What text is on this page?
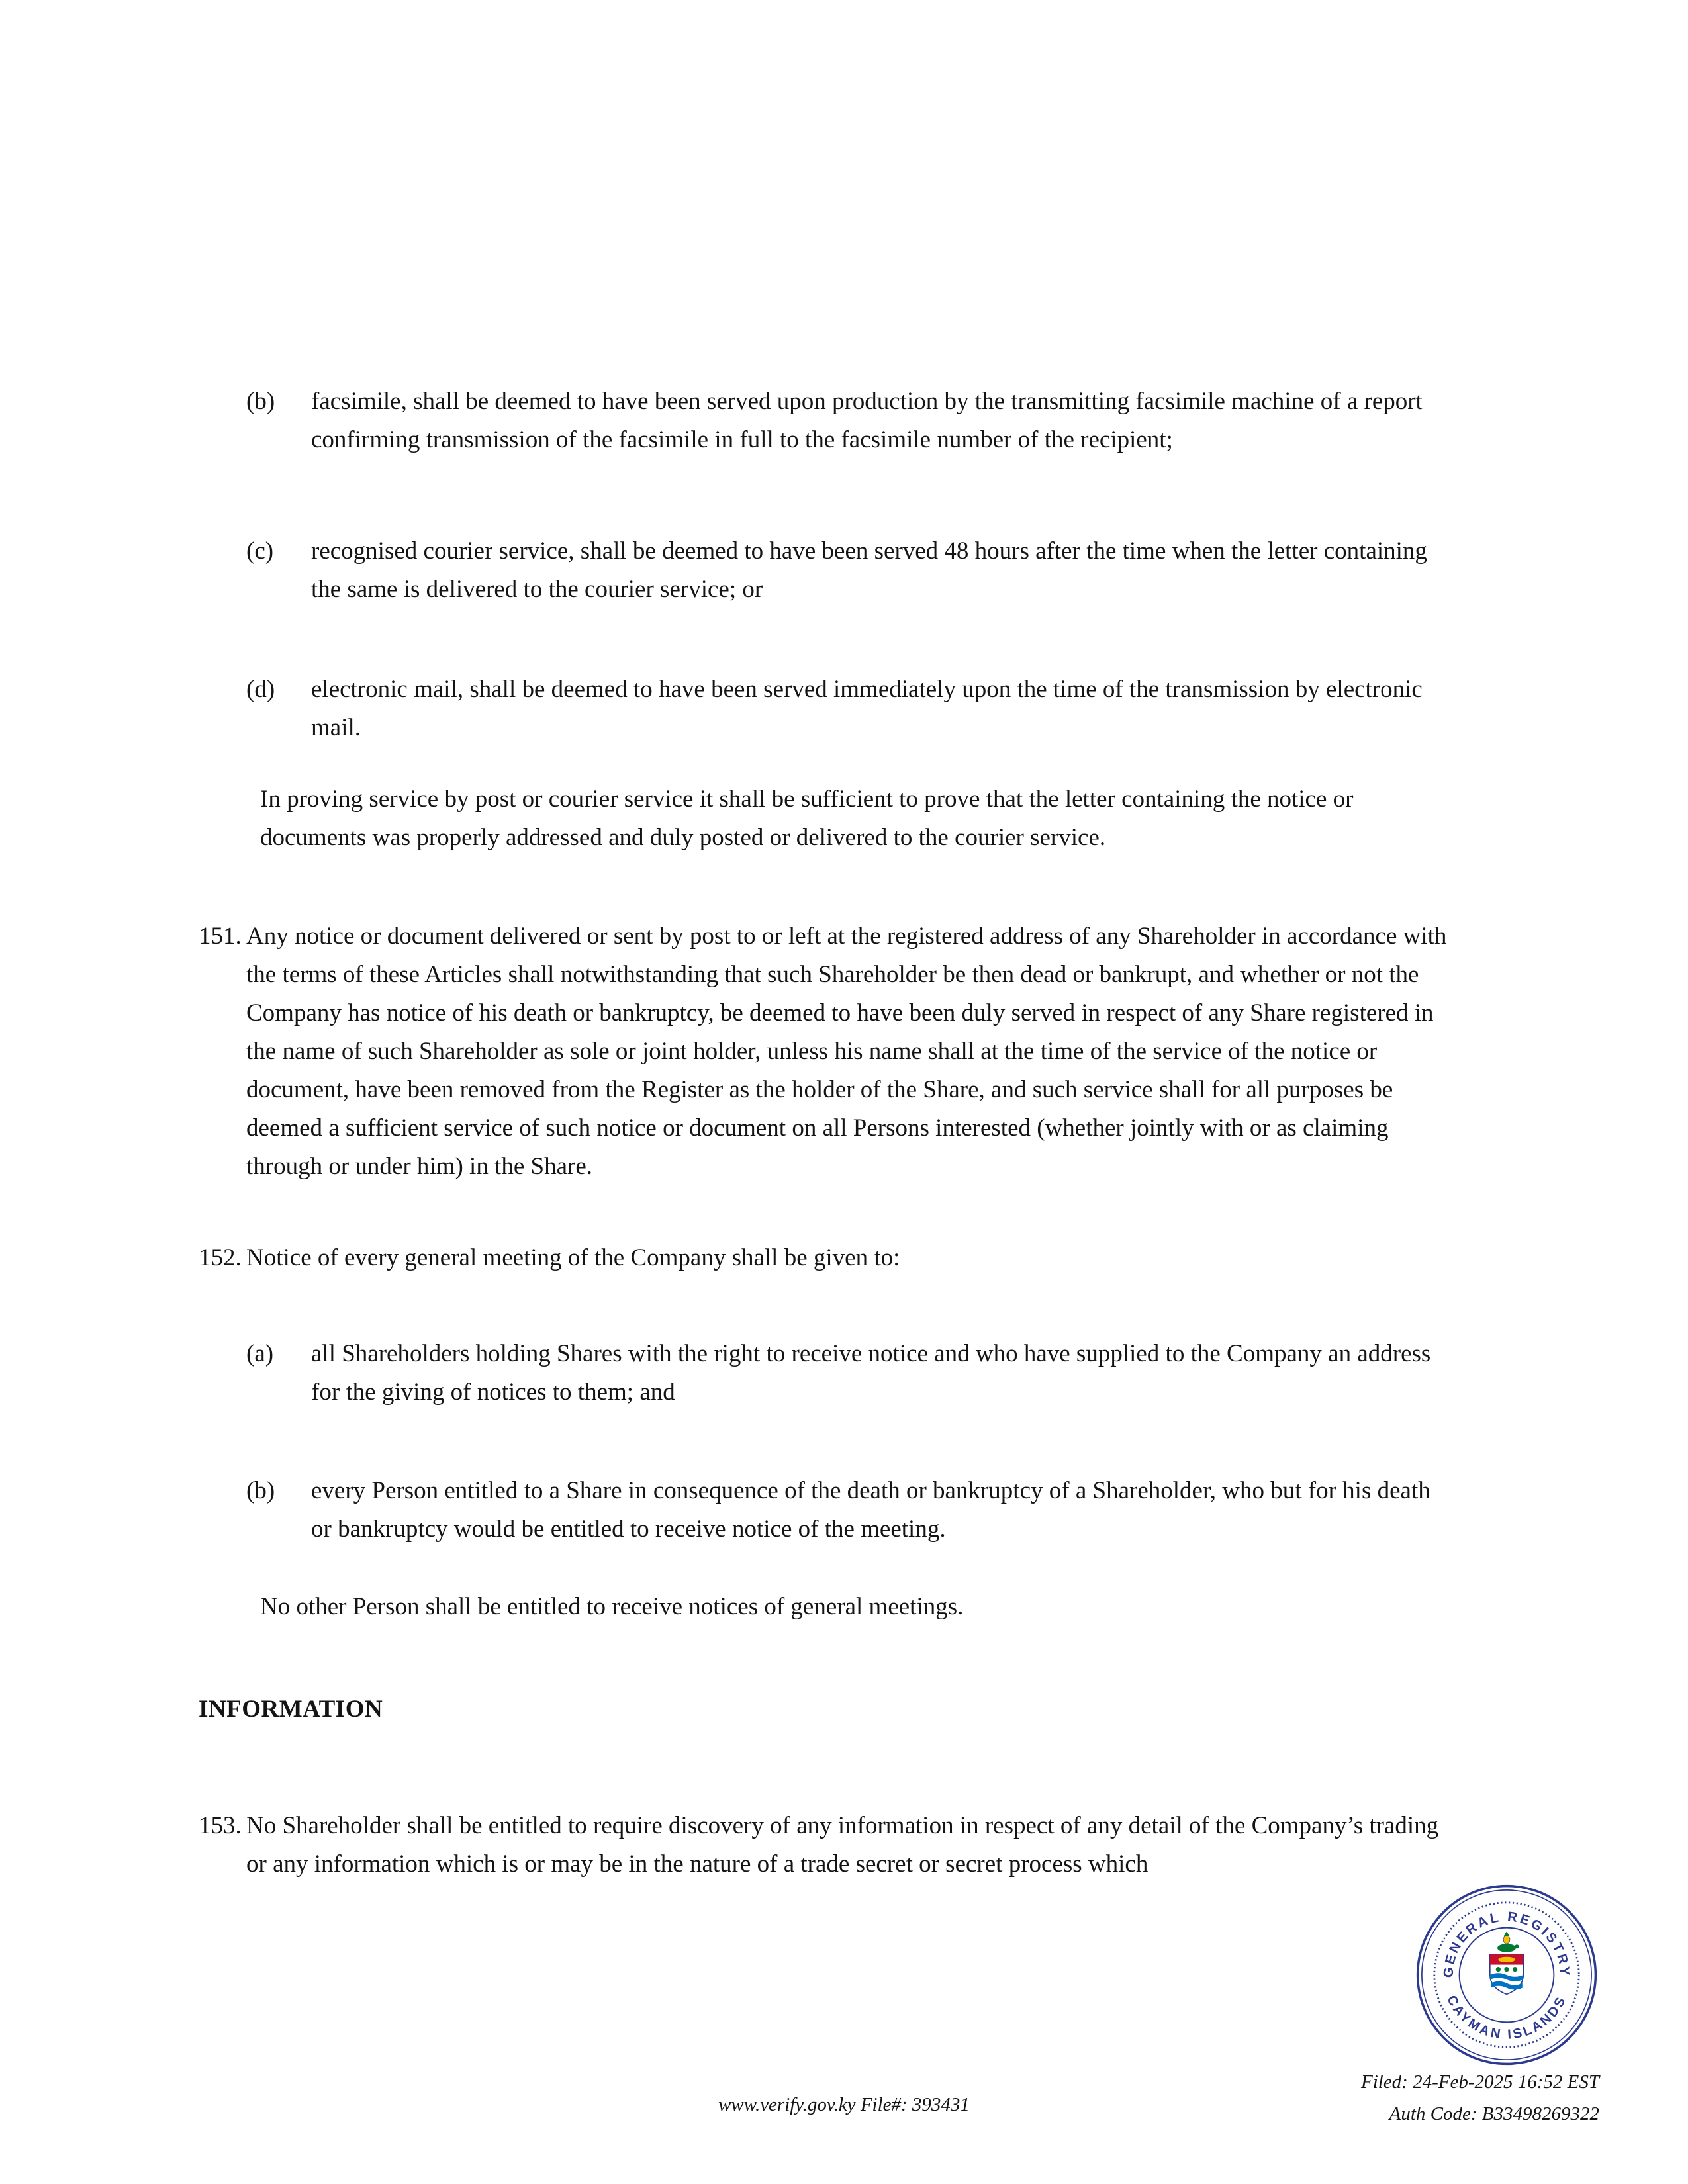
(b)	facsimile, shall be deemed to have been served upon production by the transmitting facsimile machine of a report confirming transmission of the facsimile in full to the facsimile number of the recipient;
(c)	recognised courier service, shall be deemed to have been served 48 hours after the time when the letter containing the same is delivered to the courier service; or
(d)	electronic mail, shall be deemed to have been served immediately upon the time of the transmission by electronic mail.

In proving service by post or courier service it shall be sufficient to prove that the letter containing the notice or documents was properly addressed and duly posted or delivered to the courier service.

151. Any notice or document delivered or sent by post to or left at the registered address of any Shareholder in accordance with the terms of these Articles shall notwithstanding that such Shareholder be then dead or bankrupt, and whether or not the Company has notice of his death or bankruptcy, be deemed to have been duly served in respect of any Share registered in the name of such Shareholder as sole or joint holder, unless his name shall at the time of the service of the notice or document, have been removed from the Register as the holder of the Share, and such service shall for all purposes be deemed a sufficient service of such notice or document on all Persons interested (whether jointly with or as claiming through or under him) in the Share.
152. Notice of every general meeting of the Company shall be given to:
(a)	all Shareholders holding Shares with the right to receive notice and who have supplied to the Company an address for the giving of notices to them; and
(b)	every Person entitled to a Share in consequence of the death or bankruptcy of a Shareholder, who but for his death or bankruptcy would be entitled to receive notice of the meeting.

No other Person shall be entitled to receive notices of general meetings.

INFORMATION
153. No Shareholder shall be entitled to require discovery of any information in respect of any detail of the Company’s trading or any information which is or may be in the nature of a trade secret or secret process which
GENERAL REGISTRY
CAYMAN ISLANDS
www.verify.gov.ky File#: 393431
Filed: 24-Feb-2025 16:52 EST
Auth Code: B33498269322
